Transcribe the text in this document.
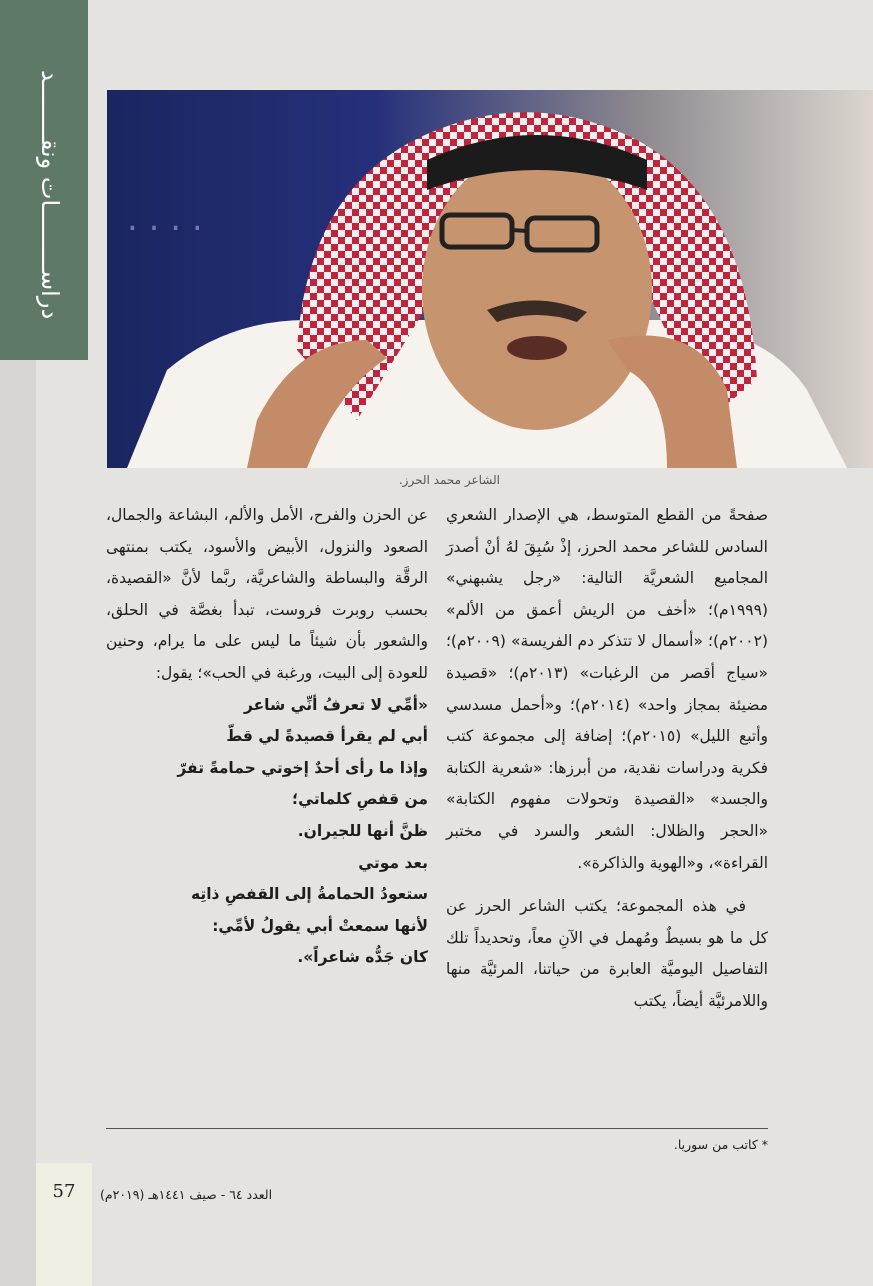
دراســـــــــات ونقــــــــد . . . .
الشاعر محمد الحرز.

صفحةً من القطع المتوسط، هي الإصدار الشعري السادس للشاعر محمد الحرز، إذْ سُبِقَ لهُ أنْ أصدرَ المجاميع الشعريَّة التالية: «رجل يشبهني» (١٩٩٩م)؛ «أخف من الريش أعمق من الألم» (٢٠٠٢م)؛ «أسمال لا تتذكر دم الفريسة» (٢٠٠٩م)؛ «سياج أقصر من الرغبات» (٢٠١٣م)؛ «قصيدة مضيئة بمجاز واحد» (٢٠١٤م)؛ و«أحمل مسدسي وأتبع الليل» (٢٠١٥م)؛ إضافة إلى مجموعة كتب فكرية ودراسات نقدية، من أبرزها: «شعرية الكتابة والجسد» «القصيدة وتحولات مفهوم الكتابة» «الحجر والظلال: الشعر والسرد في مختبر القراءة»، و«الهوية والذاكرة».

في هذه المجموعة؛ يكتب الشاعر الحرز عن كل ما هو بسيطٌ ومُهمل في الآنِ معاً، وتحديداً تلك التفاصيل اليوميَّة العابرة من حياتنا، المرئيَّة منها واللامرئيَّة أيضاً، يكتب

عن الحزن والفرح، الأمل والألم، البشاعة والجمال، الصعود والنزول، الأبيض والأسود، يكتب بمنتهى الرقَّة والبساطة والشاعريَّة، ربَّما لأنَّ «القصيدة، بحسب روبرت فروست، تبدأ بغصَّة في الحلق، والشعور بأن شيئاً ما ليس على ما يرام، وحنين للعودة إلى البيت، ورغبة في الحب»؛ يقول:

«أمِّي لا تعرفُ أنِّي شاعر
أبي لم يقرأ قصيدةً لي قطّ
وإذا ما رأى أحدٌ إخوتي حمامةً تفرّ
من قفصِ كلماتي؛
ظنَّ أنها للجيران.
بعد موتي
ستعودُ الحمامةُ إلى القفصِ ذاتِه
لأنها سمعتْ أبي يقولُ لأمِّي:
كان جَدُّه شاعراً».
* كاتب من سوريا.
57	العدد ٦٤ - صيف ١٤٤١هـ (٢٠١٩م)
